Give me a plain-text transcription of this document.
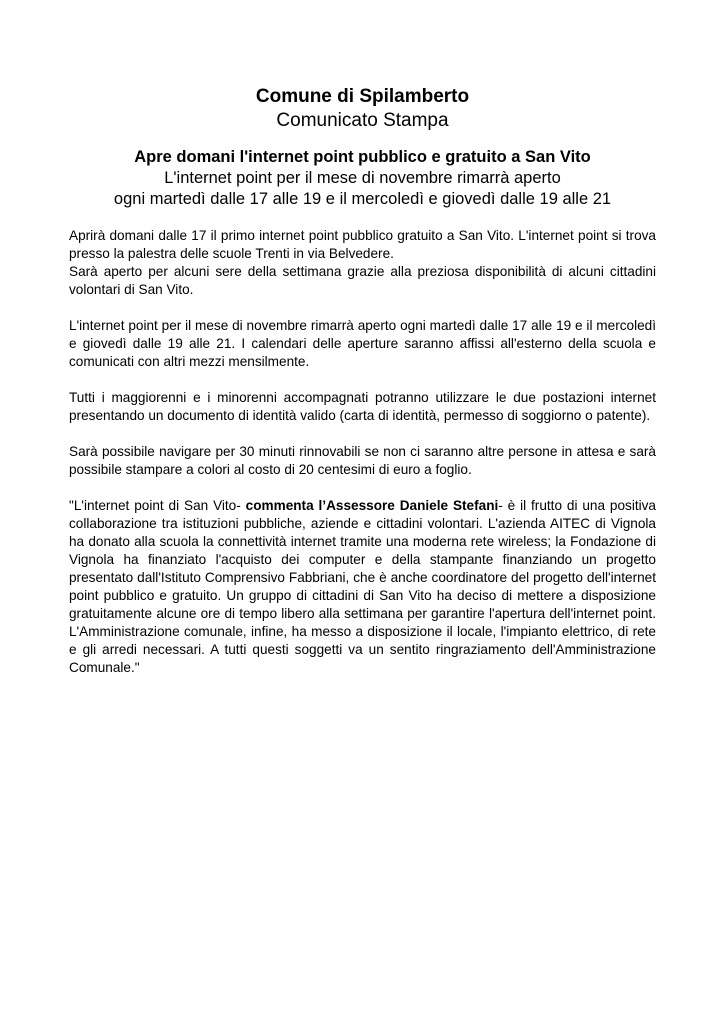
Comune di Spilamberto
Comunicato Stampa
Apre domani l'internet point pubblico e gratuito a San Vito
L'internet point per il mese di novembre rimarrà aperto
ogni martedì dalle 17 alle 19 e il mercoledì e giovedì dalle 19 alle 21

Aprirà domani dalle 17 il primo internet point pubblico gratuito a San Vito. L'internet point si trova presso la palestra delle scuole Trenti in via Belvedere.
Sarà aperto per alcuni sere della settimana grazie alla preziosa disponibilità di alcuni cittadini volontari di San Vito.

L'internet point per il mese di novembre rimarrà aperto ogni martedì dalle 17 alle 19 e il mercoledì e giovedì dalle 19 alle 21. I calendari delle aperture saranno affissi all'esterno della scuola e comunicati con altri mezzi mensilmente.

Tutti i maggiorenni e i minorenni accompagnati potranno utilizzare le due postazioni internet presentando un documento di identità valido (carta di identità, permesso di soggiorno o patente).

Sarà possibile navigare per 30 minuti rinnovabili se non ci saranno altre persone in attesa e sarà possibile stampare a colori al costo di 20 centesimi di euro a foglio.

"L'internet point di San Vito- commenta l’Assessore Daniele Stefani- è il frutto di una positiva collaborazione tra istituzioni pubbliche, aziende e cittadini volontari. L'azienda AITEC di Vignola ha donato alla scuola la connettività internet tramite una moderna rete wireless; la Fondazione di Vignola ha finanziato l'acquisto dei computer e della stampante finanziando un progetto presentato dall'Istituto Comprensivo Fabbriani, che è anche coordinatore del progetto dell'internet point pubblico e gratuito. Un gruppo di cittadini di San Vito ha deciso di mettere a disposizione gratuitamente alcune ore di tempo libero alla settimana per garantire l'apertura dell'internet point. L'Amministrazione comunale, infine, ha messo a disposizione il locale, l'impianto elettrico, di rete e gli arredi necessari. A tutti questi soggetti va un sentito ringraziamento dell'Amministrazione Comunale."
